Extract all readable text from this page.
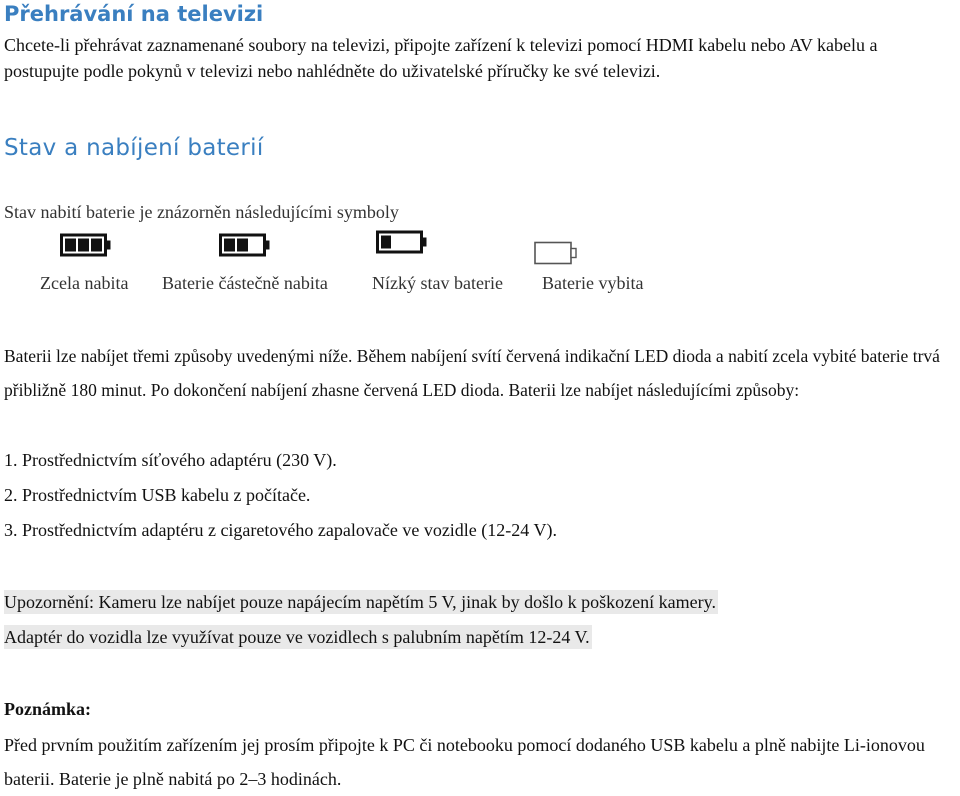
Přehrávání na televizi

Chcete-li přehrávat zaznamenané soubory na televizi, připojte zařízení k televizi pomocí HDMI kabelu nebo AV kabelu a postupujte podle pokynů v televizi nebo nahlédněte do uživatelské příručky ke své televizi.

Stav a nabíjení baterií
Stav nabití baterie je znázorněn následujícími symboly
Zcela nabita Baterie částečně nabita Nízký stav baterie Baterie vybita

Baterii lze nabíjet třemi způsoby uvedenými níže. Během nabíjení svítí červená indikační LED dioda a nabití zcela vybité baterie trvá přibližně 180 minut. Po dokončení nabíjení zhasne červená LED dioda. Baterii lze nabíjet následujícími způsoby:

1. Prostřednictvím síťového adaptéru (230 V).
2. Prostřednictvím USB kabelu z počítače.
3. Prostřednictvím adaptéru z cigaretového zapalovače ve vozidle (12-24 V).
Upozornění: Kameru lze nabíjet pouze napájecím napětím 5 V, jinak by došlo k poškození kamery.
Adaptér do vozidla lze využívat pouze ve vozidlech s palubním napětím 12-24 V.
Poznámka:

Před prvním použitím zařízením jej prosím připojte k PC či notebooku pomocí dodaného USB kabelu a plně nabijte Li-ionovou baterii. Baterie je plně nabitá po 2–3 hodinách.
